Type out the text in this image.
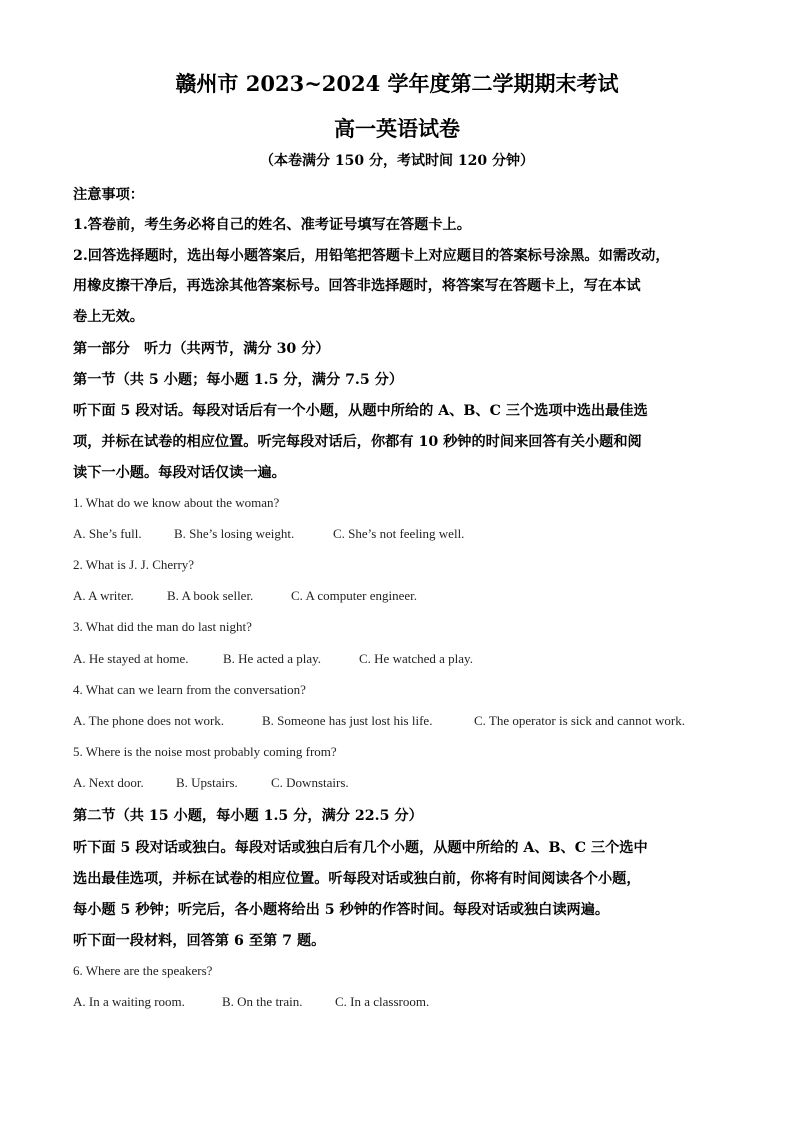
赣州市 2023~2024 学年度第二学期期末考试
高一英语试卷
（本卷满分 150 分，考试时间 120 分钟）
注意事项：
1.答卷前，考生务必将自己的姓名、准考证号填写在答题卡上。
2.回答选择题时，选出每小题答案后，用铅笔把答题卡上对应题目的答案标号涂黑。如需改动，
用橡皮擦干净后，再选涂其他答案标号。回答非选择题时，将答案写在答题卡上，写在本试
卷上无效。
第一部分　听力（共两节，满分 30 分）
第一节（共 5 小题；每小题 1.5 分，满分 7.5 分）
听下面 5 段对话。每段对话后有一个小题，从题中所给的 A、B、C 三个选项中选出最佳选
项，并标在试卷的相应位置。听完每段对话后，你都有 10 秒钟的时间来回答有关小题和阅
读下一小题。每段对话仅读一遍。
1. What do we know about the woman?
A. She’s full. B. She’s losing weight.	C. She’s not feeling well.
2. What is J. J. Cherry?
A. A writer.	B. A book seller.	C. A computer engineer.
3. What did the man do last night?
A. He stayed at home.	B. He acted a play.	C. He watched a play.
4. What can we learn from the conversation?
A. The phone does not work.	B. Someone has just lost his life.	C. The operator is sick and cannot work.
5. Where is the noise most probably coming from?
A. Next door. B. Upstairs.	C. Downstairs.
第二节（共 15 小题，每小题 1.5 分，满分 22.5 分）
听下面 5 段对话或独白。每段对话或独白后有几个小题，从题中所给的 A、B、C 三个选中
选出最佳选项，并标在试卷的相应位置。听每段对话或独白前，你将有时间阅读各个小题，
每小题 5 秒钟；听完后，各小题将给出 5 秒钟的作答时间。每段对话或独白读两遍。
听下面一段材料，回答第 6 至第 7 题。
6. Where are the speakers?
A. In a waiting room.	B. On the train. C. In a classroom.
